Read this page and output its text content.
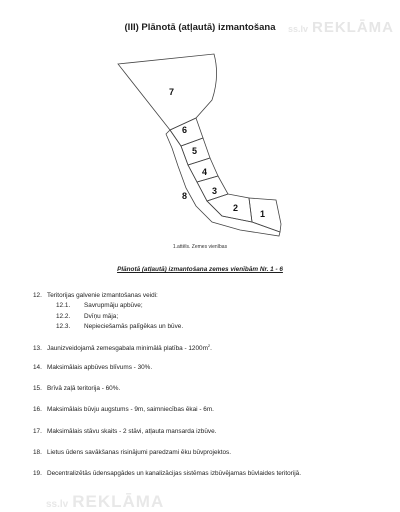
ss.lv REKLĀMA
(III) Plānotā (atļautā) izmantošana
7
6
5
4
3
2
1
8
1.attēls. Zemes vienības
Plānotā (atļautā) izmantošana zemes vienībām Nr. 1 - 6
12. Teritorijas galvenie izmantošanas veidi:
12.1. Savrupmāju apbūve;
12.2. Dvīņu māja;
12.3. Nepieciešamās palīgēkas un būve.
13. Jaunizveidojamā zemesgabala minimālā platība - $1200m^2$.
14. Maksimālais apbūves blīvums - 30%.
15. Brīvā zaļā teritorija - 60%.
16. Maksimālais būvju augstums - 9m, saimniecības ēkai - 6m.
17. Maksimālais stāvu skaits - 2 stāvi, atļauta mansarda izbūve.
18. Lietus ūdens savākšanas risinājumi paredzami ēku būvprojektos.
19. Decentralizētās ūdensapgādes un kanalizācijas sistēmas izbūvējamas būvlaides teritorijā.
ss.lv REKLĀMA
